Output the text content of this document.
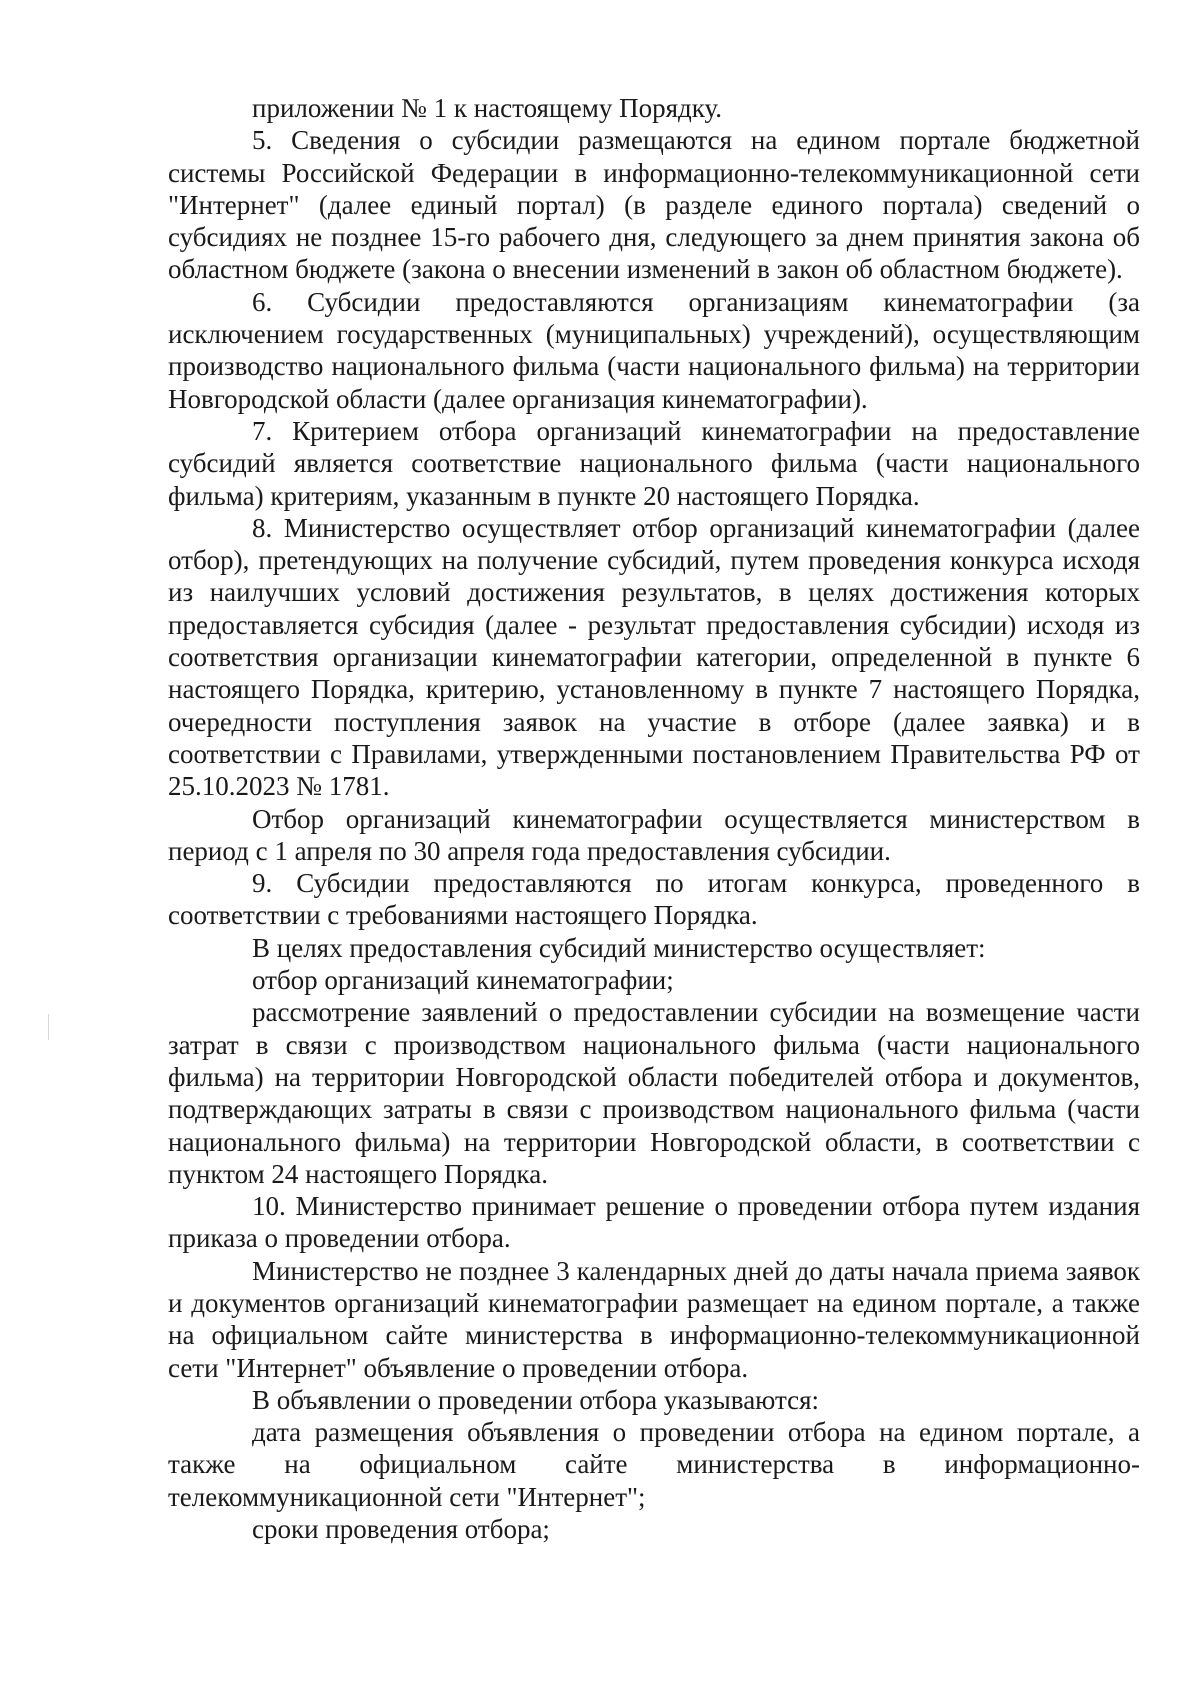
приложении № 1 к настоящему Порядку.

5. Сведения о субсидии размещаются на едином портале бюджетной системы Российской Федерации в информационно-телекоммуникационной сети "Интернет" (далее единый портал) (в разделе единого портала) сведений о субсидиях не позднее 15-го рабочего дня, следующего за днем принятия закона об областном бюджете (закона о внесении изменений в закон об областном бюджете).

6. Субсидии предоставляются организациям кинематографии (за исключением государственных (муниципальных) учреждений), осуществляющим производство национального фильма (части национального фильма) на территории Новгородской области (далее организация кинематографии).

7. Критерием отбора организаций кинематографии на предоставление субсидий является соответствие национального фильма (части национального фильма) критериям, указанным в пункте 20 настоящего Порядка.

8. Министерство осуществляет отбор организаций кинематографии (далее отбор), претендующих на получение субсидий, путем проведения конкурса исходя из наилучших условий достижения результатов, в целях достижения которых предоставляется субсидия (далее - результат предоставления субсидии) исходя из соответствия организации кинематографии категории, определенной в пункте 6 настоящего Порядка, критерию, установленному в пункте 7 настоящего Порядка, очередности поступления заявок на участие в отборе (далее заявка) и в соответствии с Правилами, утвержденными постановлением Правительства РФ от 25.10.2023 № 1781.

Отбор организаций кинематографии осуществляется министерством в период с 1 апреля по 30 апреля года предоставления субсидии.

9. Субсидии предоставляются по итогам конкурса, проведенного в соответствии с требованиями настоящего Порядка.

В целях предоставления субсидий министерство осуществляет:

отбор организаций кинематографии;

рассмотрение заявлений о предоставлении субсидии на возмещение части затрат в связи с производством национального фильма (части национального фильма) на территории Новгородской области победителей отбора и документов, подтверждающих затраты в связи с производством национального фильма (части национального фильма) на территории Новгородской области, в соответствии с пунктом 24 настоящего Порядка.

10. Министерство принимает решение о проведении отбора путем издания приказа о проведении отбора.

Министерство не позднее 3 календарных дней до даты начала приема заявок и документов организаций кинематографии размещает на едином портале, а также на официальном сайте министерства в информационно-телекоммуникационной сети "Интернет" объявление о проведении отбора.

В объявлении о проведении отбора указываются:

дата размещения объявления о проведении отбора на едином портале, а также на официальном сайте министерства в информационно-телекоммуникационной сети "Интернет";

сроки проведения отбора;
